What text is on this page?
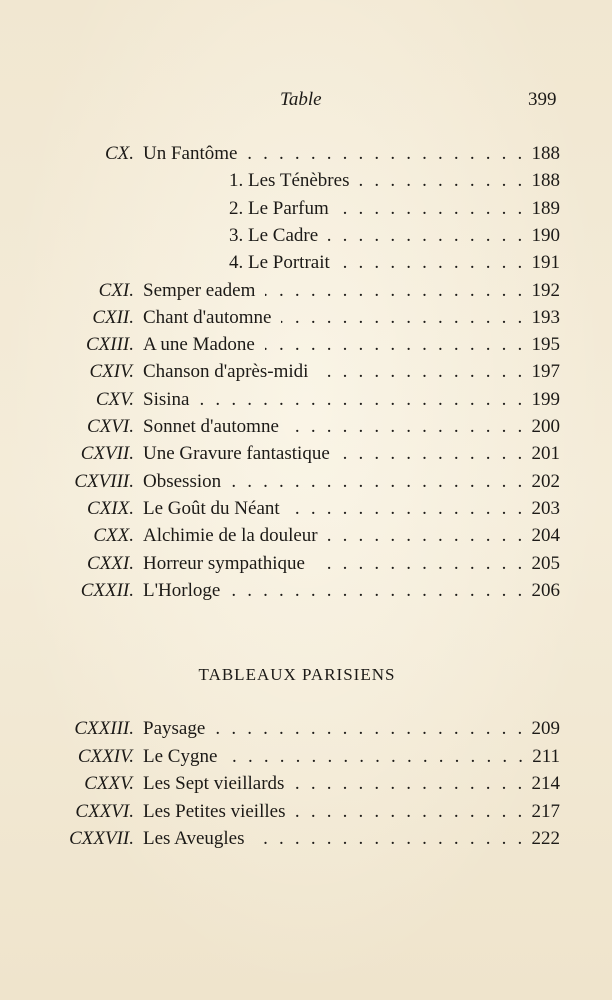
Table	399
CX. Un Fantôme . . .	188
1. Les Ténèbres . . .	188
2. Le Parfum . . .	189
3. Le Cadre . . .	190
4. Le Portrait . . .	191
CXI. Semper eadem . . .	192
CXII. Chant d'automne . . .	193
CXIII. A une Madone . . .	195
CXIV. Chanson d'après-midi . . .	197
CXV. Sisina . . .	199
CXVI. Sonnet d'automne . . .	200
CXVII. Une Gravure fantastique . . .	201
CXVIII. Obsession . . .	202
CXIX. Le Goût du Néant . . .	203
CXX. Alchimie de la douleur . . .	204
CXXI. Horreur sympathique . . .	205
CXXII. L'Horloge . . .	206
TABLEAUX PARISIENS
CXXIII. Paysage . . .	209
CXXIV. Le Cygne . . .	211
CXXV. Les Sept vieillards . . .	214
CXXVI. Les Petites vieilles . . .	217
CXXVII. Les Aveugles . . .	222
